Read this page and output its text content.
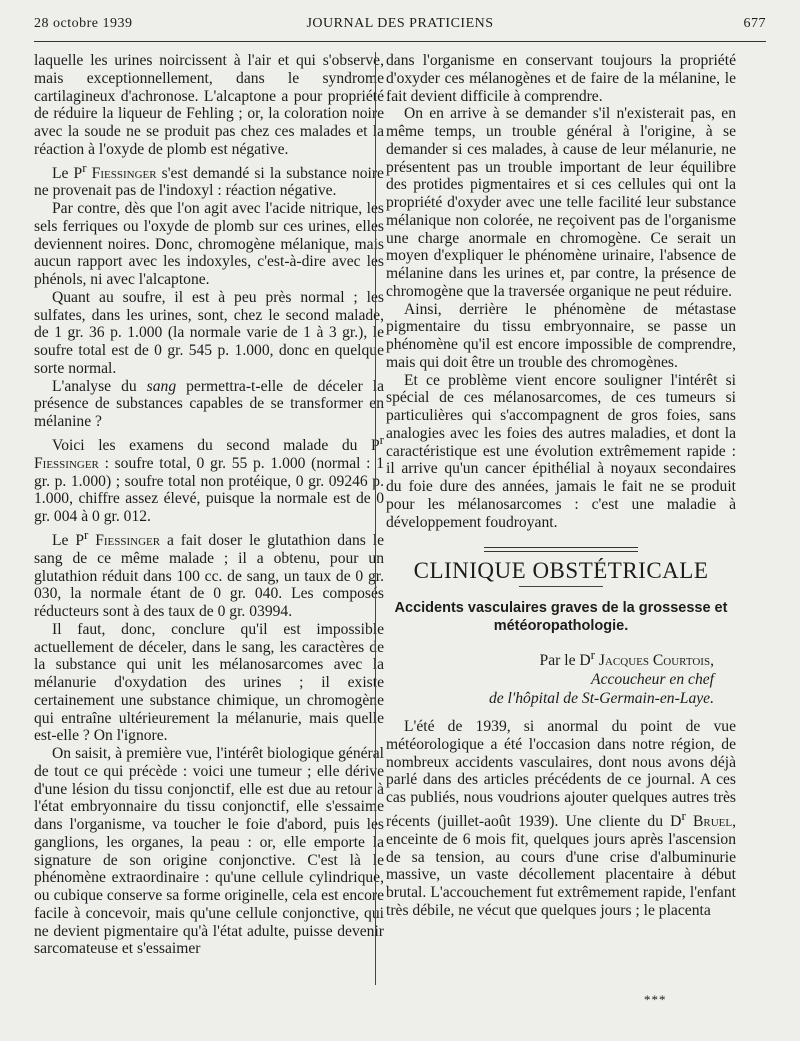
28 octobre 1939	JOURNAL DES PRATICIENS	677

laquelle les urines noircissent à l'air et qui s'observe, mais exceptionnellement, dans le syndrome cartilagineux d'achronose. L'alcaptone a pour propriété de réduire la liqueur de Fehling ; or, la coloration noire avec la soude ne se produit pas chez ces malades et la réaction à l'oxyde de plomb est négative.

Le $P^r$ Fiessinger s'est demandé si la substance noire ne provenait pas de l'indoxyl : réaction négative.

Par contre, dès que l'on agit avec l'acide nitrique, les sels ferriques ou l'oxyde de plomb sur ces urines, elles deviennent noires. Donc, chromogène mélanique, mais aucun rapport avec les indoxyles, c'est-à-dire avec les phénols, ni avec l'alcaptone.

Quant au soufre, il est à peu près normal ; les sulfates, dans les urines, sont, chez le second malade, de 1 gr. 36 p. 1.000 (la normale varie de 1 à 3 gr.), le soufre total est de 0 gr. 545 p. 1.000, donc en quelque sorte normal.

L'analyse du sang permettra-t-elle de déceler la présence de substances capables de se transformer en mélanine ?

Voici les examens du second malade du $P^r$ Fiessinger : soufre total, 0 gr. 55 p. 1.000 (normal : 1 gr. p. 1.000) ; soufre total non protéique, 0 gr. 09246 p. 1.000, chiffre assez élevé, puisque la normale est de 0 gr. 004 à 0 gr. 012.

Le $P^r$ Fiessinger a fait doser le glutathion dans le sang de ce même malade ; il a obtenu, pour un glutathion réduit dans 100 cc. de sang, un taux de 0 gr. 030, la normale étant de 0 gr. 040. Les composés réducteurs sont à des taux de 0 gr. 03994.

Il faut, donc, conclure qu'il est impossible actuellement de déceler, dans le sang, les caractères de la substance qui unit les mélanosarcomes avec la mélanurie d'oxydation des urines ; il existe certainement une substance chimique, un chromogène qui entraîne ultérieurement la mélanurie, mais quelle est-elle ? On l'ignore.

On saisit, à première vue, l'intérêt biologique général de tout ce qui précède : voici une tumeur ; elle dérive d'une lésion du tissu conjonctif, elle est due au retour à l'état embryonnaire du tissu conjonctif, elle s'essaime dans l'organisme, va toucher le foie d'abord, puis les ganglions, les organes, la peau : or, elle emporte la signature de son origine conjonctive. C'est là le phénomène extraordinaire : qu'une cellule cylindrique, ou cubique conserve sa forme originelle, cela est encore facile à concevoir, mais qu'une cellule conjonctive, qui ne devient pigmentaire qu'à l'état adulte, puisse devenir sarcomateuse et s'essaimer

dans l'organisme en conservant toujours la propriété d'oxyder ces mélanogènes et de faire de la mélanine, le fait devient difficile à comprendre.

On en arrive à se demander s'il n'existerait pas, en même temps, un trouble général à l'origine, à se demander si ces malades, à cause de leur mélanurie, ne présentent pas un trouble important de leur équilibre des protides pigmentaires et si ces cellules qui ont la propriété d'oxyder avec une telle facilité leur substance mélanique non colorée, ne reçoivent pas de l'organisme une charge anormale en chromogène. Ce serait un moyen d'expliquer le phénomène urinaire, l'absence de mélanine dans les urines et, par contre, la présence de chromogène que la traversée organique ne peut réduire.

Ainsi, derrière le phénomène de métastase pigmentaire du tissu embryonnaire, se passe un phénomène qu'il est encore impossible de comprendre, mais qui doit être un trouble des chromogènes.

Et ce problème vient encore souligner l'intérêt si spécial de ces mélanosarcomes, de ces tumeurs si particulières qui s'accompagnent de gros foies, sans analogies avec les foies des autres maladies, et dont la caractéristique est une évolution extrêmement rapide : il arrive qu'un cancer épithélial à noyaux secondaires du foie dure des années, jamais le fait ne se produit pour les mélanosarcomes : c'est une maladie à développement foudroyant.

CLINIQUE OBSTÉTRICALE
Accidents vasculaires graves de la grossesse et météoropathologie.
Par le $D^r$ Jacques Courtois,
Accoucheur en chef
de l'hôpital de St-Germain-en-Laye.

L'été de 1939, si anormal du point de vue météorologique a été l'occasion dans notre région, de nombreux accidents vasculaires, dont nous avons déjà parlé dans des articles précédents de ce journal. A ces cas publiés, nous voudrions ajouter quelques autres très récents (juillet-août 1939). Une cliente du $D^r$ Bruel, enceinte de 6 mois fit, quelques jours après l'ascension de sa tension, au cours d'une crise d'albuminurie massive, un vaste décollement placentaire à début brutal. L'accouchement fut extrêmement rapide, l'enfant très débile, ne vécut que quelques jours ; le placenta

***
